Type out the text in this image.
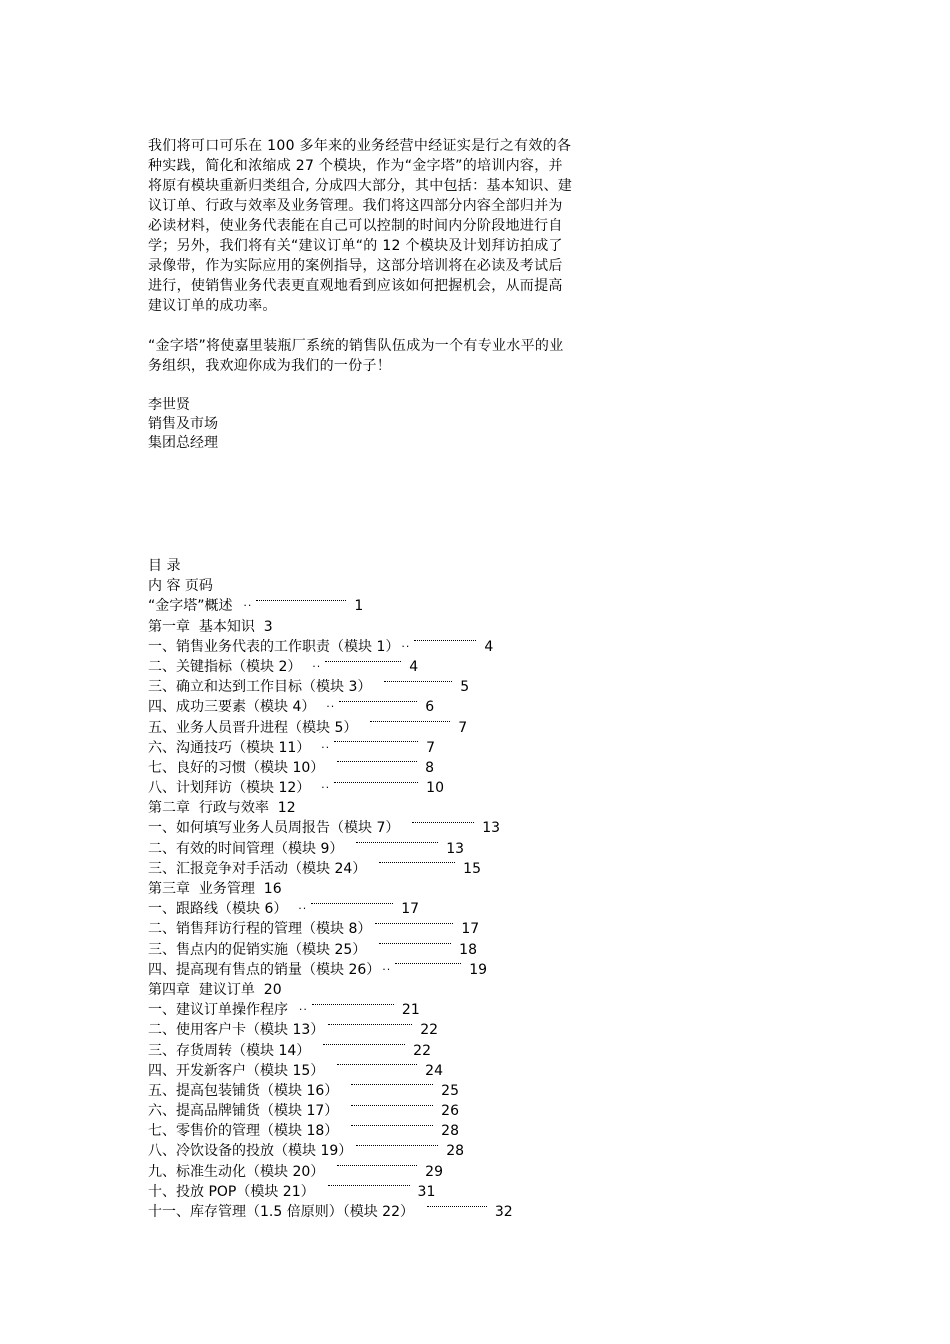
我们将可口可乐在 100 多年来的业务经营中经证实是行之有效的各
种实践，简化和浓缩成 27 个模块，作为“金字塔”的培训内容，并
将原有模块重新归类组合, 分成四大部分，其中包括：基本知识、建
议订单、行政与效率及业务管理。我们将这四部分内容全部归并为
必读材料，使业务代表能在自己可以控制的时间内分阶段地进行自
学；另外，我们将有关“建议订单“的 12 个模块及计划拜访拍成了
录像带，作为实际应用的案例指导，这部分培训将在必读及考试后
进行，使销售业务代表更直观地看到应该如何把握机会，从而提高
建议订单的成功率。
“金字塔”将使嘉里装瓶厂系统的销售队伍成为一个有专业水平的业
务组织，我欢迎你成为我们的一份子！
李世贤
销售及市场
集团总经理
目 录
内 容 页码
“金字塔”概述 ··	1
第一章  基本知识  3
一、销售业务代表的工作职责（模块 1） ··	4
二、关键指标（模块 2） ··	4
三、确立和达到工作目标（模块 3）	5
四、成功三要素（模块 4） ··	6
五、业务人员晋升进程（模块 5）	7
六、沟通技巧（模块 11） ··	7
七、良好的习惯（模块 10）	8
八、计划拜访（模块 12） ··	10
第二章  行政与效率  12
一、如何填写业务人员周报告（模块 7）	13
二、有效的时间管理（模块 9）	13
三、汇报竞争对手活动（模块 24）	15
第三章  业务管理  16
一、跟路线（模块 6） ··	17
二、销售拜访行程的管理（模块 8）	17
三、售点内的促销实施（模块 25）	18
四、提高现有售点的销量（模块 26） ··	19
第四章  建议订单  20
一、建议订单操作程序 ··	21
二、使用客户卡（模块 13）	22
三、存货周转（模块 14）	22
四、开发新客户（模块 15）	24
五、提高包装铺货（模块 16）	25
六、提高品牌铺货（模块 17）	26
七、零售价的管理（模块 18）	28
八、冷饮设备的投放（模块 19）	28
九、标准生动化（模块 20）	29
十、投放 POP（模块 21）	31
十一、库存管理（1.5 倍原则）（模块 22）	32
